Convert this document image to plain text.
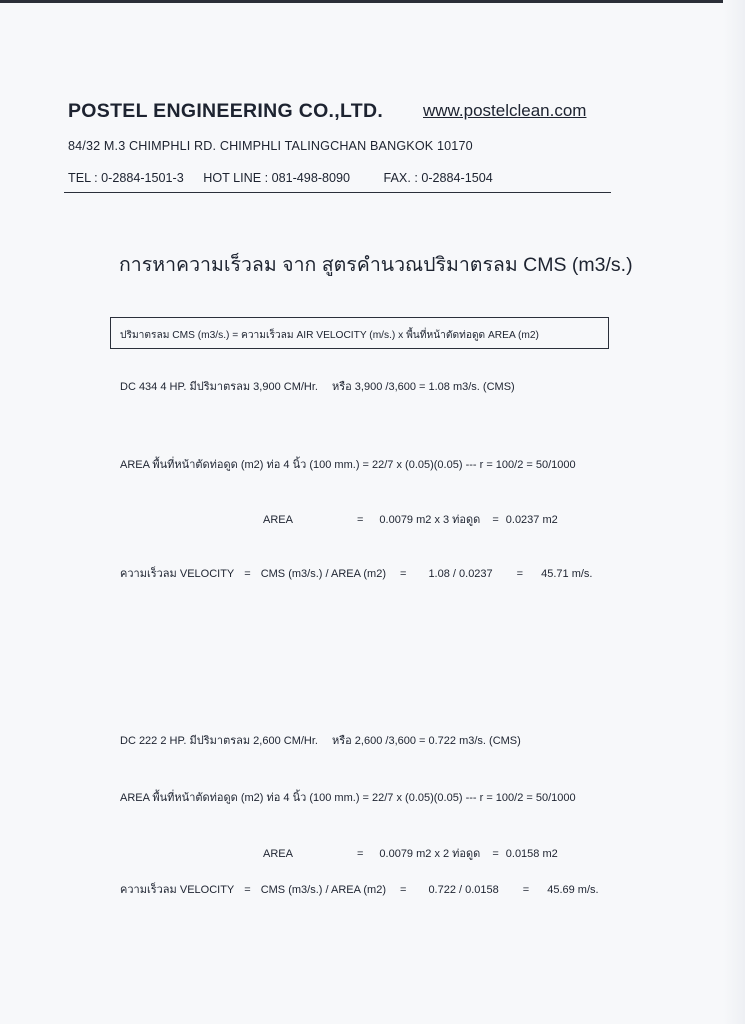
POSTEL ENGINEERING CO.,LTD. www.postelclean.com
84/32 M.3 CHIMPHLI RD. CHIMPHLI TALINGCHAN BANGKOK 10170
TEL : 0-2884-1501-3 HOT LINE : 081-498-8090	FAX. : 0-2884-1504
การหาความเร็วลม จาก สูตรคำนวณปริมาตรลม CMS (m3/s.)
ปริมาตรลม CMS (m3/s.) = ความเร็วลม AIR VELOCITY (m/s.) x พื้นที่หน้าตัดท่อดูด AREA (m2)
DC 434 4 HP. มีปริมาตรลม 3,900 CM/Hr. หรือ 3,900 /3,600 = 1.08 m3/s. (CMS)
AREA พื้นที่หน้าตัดท่อดูด (m2) ท่อ 4 นิ้ว (100 mm.) = 22/7 x (0.05)(0.05) --- r = 100/2 = 50/1000
AREA	= 0.0079 m2 x 3 ท่อดูด = 0.0237 m2
ความเร็วลม VELOCITY = CMS (m3/s.) / AREA (m2) = 1.08 / 0.0237 = 45.71 m/s.
DC 222 2 HP. มีปริมาตรลม 2,600 CM/Hr. หรือ 2,600 /3,600 = 0.722 m3/s. (CMS)
AREA พื้นที่หน้าตัดท่อดูด (m2) ท่อ 4 นิ้ว (100 mm.) = 22/7 x (0.05)(0.05) --- r = 100/2 = 50/1000
AREA	= 0.0079 m2 x 2 ท่อดูด = 0.0158 m2
ความเร็วลม VELOCITY = CMS (m3/s.) / AREA (m2) = 0.722 / 0.0158 = 45.69 m/s.
